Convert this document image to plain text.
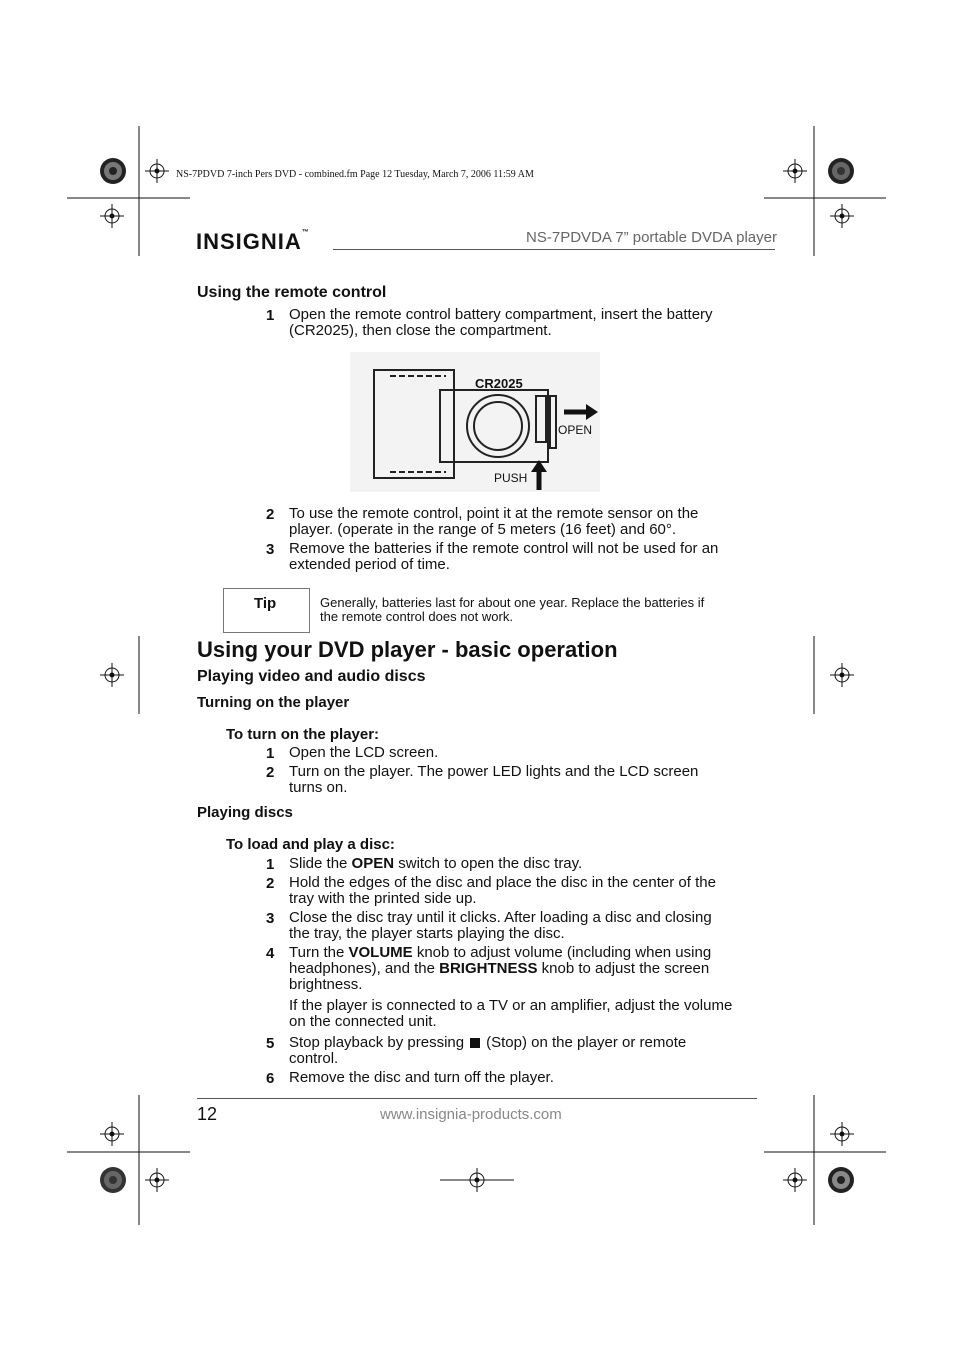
NS-7PDVD 7-inch Pers DVD - combined.fm Page 12 Tuesday, March 7, 2006 11:59 AM
INSIGNIA™	NS-7PDVDA 7” portable DVDA player
Using the remote control
1 Open the remote control battery compartment, insert the battery
(CR2025), then close the compartment.
CR2025
OPEN
PUSH
2 To use the remote control, point it at the remote sensor on the
player. (operate in the range of 5 meters (16 feet) and 60°.
3 Remove the batteries if the remote control will not be used for an
extended period of time.
Tip	Generally, batteries last for about one year. Replace the batteries if
the remote control does not work.
Using your DVD player - basic operation
Playing video and audio discs
Turning on the player
To turn on the player:
1 Open the LCD screen.
2 Turn on the player. The power LED lights and the LCD screen
turns on.
Playing discs
To load and play a disc:
1 Slide the OPEN switch to open the disc tray.
2 Hold the edges of the disc and place the disc in the center of the
tray with the printed side up.
3 Close the disc tray until it clicks. After loading a disc and closing
the tray, the player starts playing the disc.
4 Turn the VOLUME knob to adjust volume (including when using
headphones), and the BRIGHTNESS knob to adjust the screen
brightness.
If the player is connected to a TV or an amplifier, adjust the volume
on the connected unit.
5 Stop playback by pressing (Stop) on the player or remote
control.
6 Remove the disc and turn off the player.
12	www.insignia-products.com
